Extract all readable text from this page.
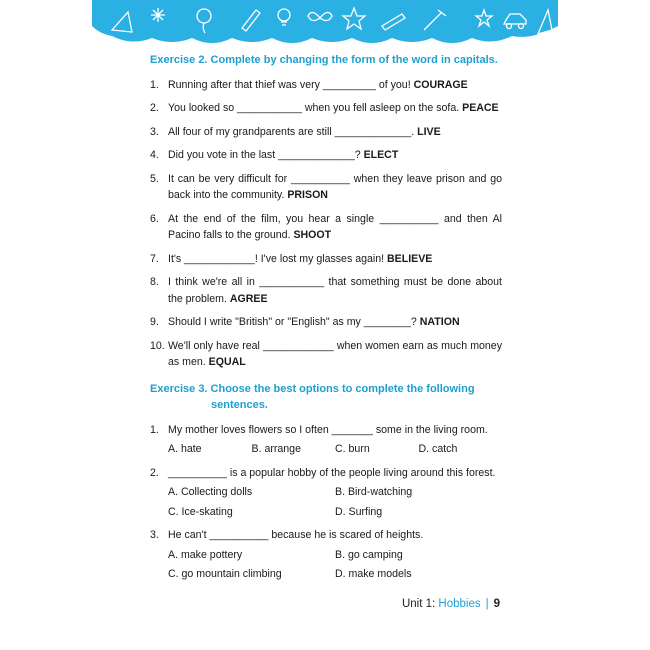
Exercise 2. Complete by changing the form of the word in capitals.
1. Running after that thief was very _________ of you! COURAGE
2. You looked so ___________ when you fell asleep on the sofa. PEACE
3. All four of my grandparents are still _____________. LIVE
4. Did you vote in the last _____________? ELECT
5. It can be very difficult for __________ when they leave prison and go back into the community. PRISON
6. At the end of the film, you hear a single __________ and then Al Pacino falls to the ground. SHOOT
7. It's ____________! I've lost my glasses again! BELIEVE
8. I think we're all in ___________ that something must be done about the problem. AGREE
9. Should I write "British" or "English" as my ________? NATION
10. We'll only have real ____________ when women earn as much money as men. EQUAL
Exercise 3. Choose the best options to complete the following
sentences.
1. My mother loves flowers so I often _______ some in the living room.
A. hate	B. arrange	C. burn	D. catch
2. __________ is a popular hobby of the people living around this forest.
A. Collecting dolls	B. Bird-watching
C. Ice-skating	D. Surfing
3. He can't __________ because he is scared of heights.
A. make pottery	B. go camping
C. go mountain climbing	D. make models
Unit 1: Hobbies | 9
